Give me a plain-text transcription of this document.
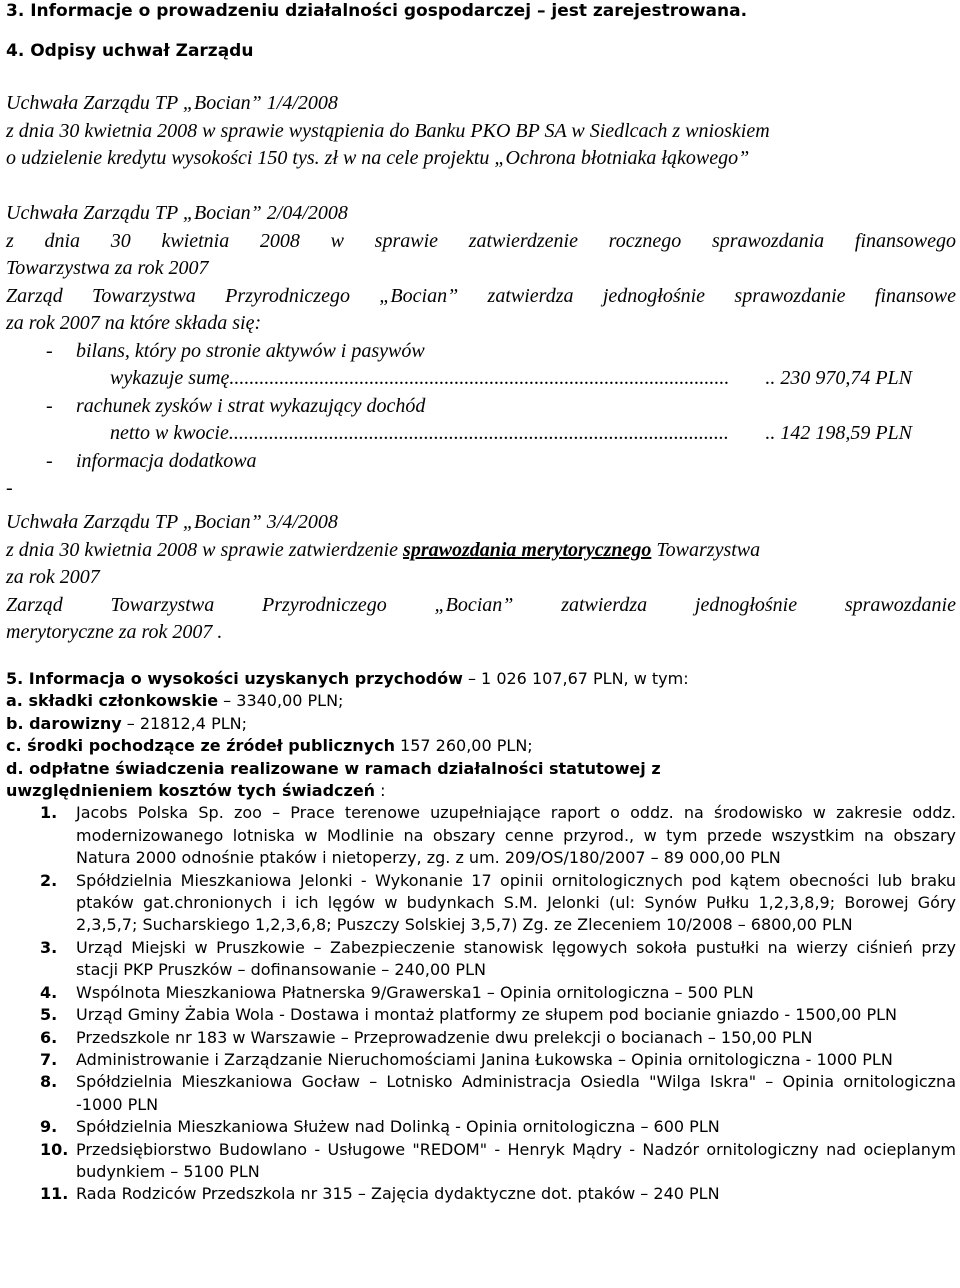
3. Informacje o prowadzeniu działalności gospodarczej – jest zarejestrowana.
4. Odpisy uchwał Zarządu
Uchwała Zarządu TP „Bocian” 1/4/2008
z dnia 30 kwietnia 2008 w sprawie wystąpienia do Banku PKO BP SA w Siedlcach z wnioskiem
o udzielenie kredytu wysokości 150 tys. zł w na cele projektu „Ochrona błotniaka łąkowego”
Uchwała Zarządu TP „Bocian” 2/04/2008
z dnia 30 kwietnia 2008 w sprawie zatwierdzenie rocznego sprawozdania finansowego
Towarzystwa za rok 2007
Zarząd Towarzystwa Przyrodniczego „Bocian” zatwierdza jednogłośnie sprawozdanie finansowe
za rok 2007 na które składa się:
-	bilans, który po stronie aktywów i pasywów
wykazuje sumę....................................................................................................	.. 230 970,74 PLN
-	rachunek zysków i strat wykazujący dochód
netto w kwocie....................................................................................................	.. 142 198,59 PLN
-	informacja dodatkowa
-
Uchwała Zarządu TP „Bocian” 3/4/2008
z dnia 30 kwietnia 2008 w sprawie zatwierdzenie sprawozdania merytorycznego Towarzystwa
za rok 2007
Zarząd Towarzystwa Przyrodniczego „Bocian” zatwierdza jednogłośnie sprawozdanie
merytoryczne za rok 2007 .
5. Informacja o wysokości uzyskanych przychodów – 1 026 107,67 PLN, w tym:
a. składki członkowskie – 3340,00 PLN;
b. darowizny – 21812,4 PLN;
c. środki pochodzące ze źródeł publicznych 157 260,00 PLN;
d. odpłatne świadczenia realizowane w ramach działalności statutowej z
uwzględnieniem kosztów tych świadczeń :
1.	Jacobs Polska Sp. zoo – Prace terenowe uzupełniające raport o oddz. na środowisko w zakresie oddz. modernizowanego lotniska w Modlinie na obszary cenne przyrod., w tym przede wszystkim na obszary Natura 2000 odnośnie ptaków i nietoperzy, zg. z um. 209/OS/180/2007 – 89 000,00 PLN
2.	Spółdzielnia Mieszkaniowa Jelonki - Wykonanie 17 opinii ornitologicznych pod kątem obecności lub braku ptaków gat.chronionych i ich lęgów w budynkach S.M. Jelonki (ul: Synów Pułku 1,2,3,8,9; Borowej Góry 2,3,5,7; Sucharskiego 1,2,3,6,8; Puszczy Solskiej 3,5,7) Zg. ze Zleceniem 10/2008 – 6800,00 PLN
3.	Urząd Miejski w Pruszkowie – Zabezpieczenie stanowisk lęgowych sokoła pustułki na wierzy ciśnień przy stacji PKP Pruszków – dofinansowanie – 240,00 PLN
4.	Wspólnota Mieszkaniowa Płatnerska 9/Grawerska1 – Opinia ornitologiczna – 500 PLN
5.	Urząd Gminy Żabia Wola - Dostawa i montaż platformy ze słupem pod bocianie gniazdo - 1500,00 PLN
6.	Przedszkole nr 183 w Warszawie – Przeprowadzenie dwu prelekcji o bocianach – 150,00 PLN
7.	Administrowanie i Zarządzanie Nieruchomościami Janina Łukowska – Opinia ornitologiczna - 1000 PLN
8.	Spółdzielnia Mieszkaniowa Gocław – Lotnisko Administracja Osiedla "Wilga Iskra" – Opinia ornitologiczna -1000 PLN
9.	Spółdzielnia Mieszkaniowa Służew nad Dolinką - Opinia ornitologiczna – 600 PLN
10. Przedsiębiorstwo Budowlano - Usługowe "REDOM" - Henryk Mądry - Nadzór ornitologiczny nad ocieplanym budynkiem – 5100 PLN
11. Rada Rodziców Przedszkola nr 315 – Zajęcia dydaktyczne dot. ptaków – 240 PLN
